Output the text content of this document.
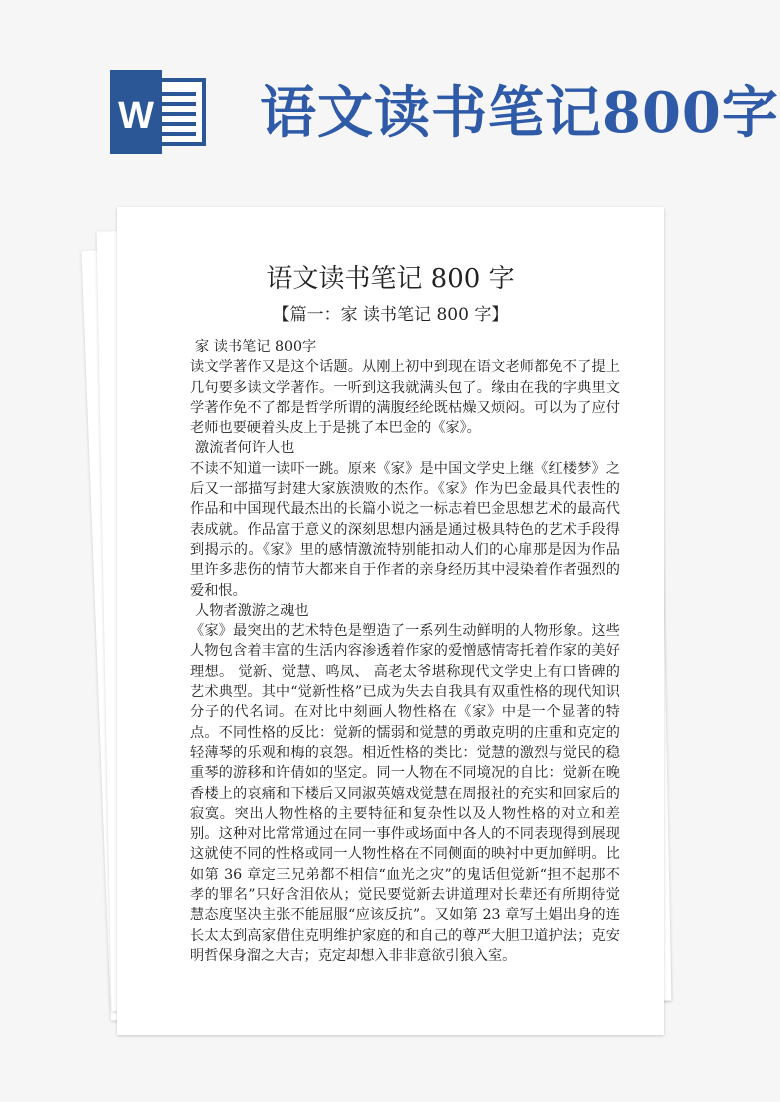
W 语文读书笔记800字
语文读书笔记 800 字
【篇一：家 读书笔记 800 字】

家 读书笔记 800字

读文学著作又是这个话题。从刚上初中到现在语文老师都免不了提上几句要多读文学著作。一听到这我就满头包了。缘由在我的字典里文学著作免不了都是哲学所谓的满腹经纶既枯燥又烦闷。可以为了应付老师也要硬着头皮上于是挑了本巴金的《家》。

激流者何许人也

不读不知道一读吓一跳。原来《家》是中国文学史上继《红楼梦》之后又一部描写封建大家族溃败的杰作。《家》作为巴金最具代表性的作品和中国现代最杰出的长篇小说之一标志着巴金思想艺术的最高代表成就。作品富于意义的深刻思想内涵是通过极具特色的艺术手段得到揭示的。《家》里的感情激流特别能扣动人们的心扉那是因为作品里许多悲伤的情节大都来自于作者的亲身经历其中浸染着作者强烈的爱和恨。

人物者激游之魂也

《家》最突出的艺术特色是塑造了一系列生动鲜明的人物形象。这些人物包含着丰富的生活内容渗透着作家的爱憎感情寄托着作家的美好理想。 觉新、觉慧、鸣凤、 高老太爷堪称现代文学史上有口皆碑的艺术典型。其中“觉新性格”已成为失去自我具有双重性格的现代知识分子的代名词。在对比中刻画人物性格在《家》中是一个显著的特点。不同性格的反比：觉新的懦弱和觉慧的勇敢克明的庄重和克定的轻薄琴的乐观和梅的哀怨。相近性格的类比：觉慧的激烈与觉民的稳重琴的游移和许倩如的坚定。同一人物在不同境况的自比：觉新在晚香楼上的哀痛和下楼后又同淑英嬉戏觉慧在周报社的充实和回家后的寂寞。突出人物性格的主要特征和复杂性以及人物性格的对立和差别。这种对比常常通过在同一事件或场面中各人的不同表现得到展现这就使不同的性格或同一人物性格在不同侧面的映衬中更加鲜明。比如第 36 章定三兄弟都不相信“血光之灾”的鬼话但觉新“担不起那不孝的罪名”只好含泪依从；觉民要觉新去讲道理对长辈还有所期待觉慧态度坚决主张不能屈服“应该反抗”。又如第 23 章写土娼出身的连长太太到高家借住克明维护家庭的和自己的尊严大胆卫道护法；克安明哲保身溜之大吉；克定却想入非非意欲引狼入室。
